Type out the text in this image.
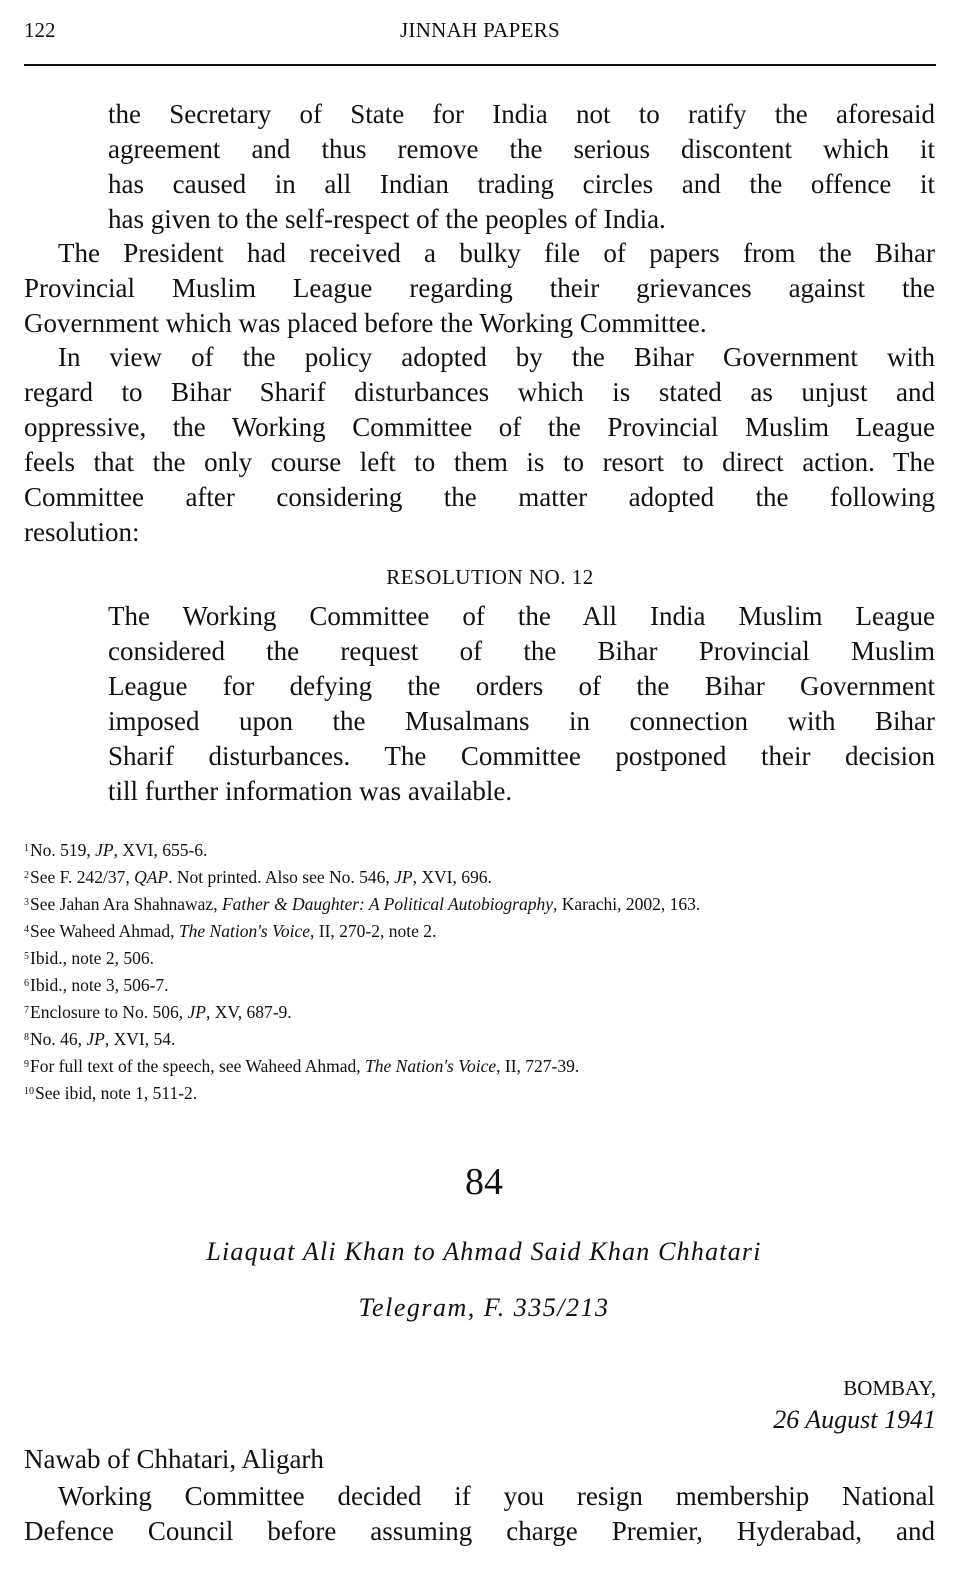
122	JINNAH PAPERS
the Secretary of State for India not to ratify the aforesaid
agreement and thus remove the serious discontent which it
has caused in all Indian trading circles and the offence it
has given to the self-respect of the peoples of India.
The President had received a bulky file of papers from the Bihar
Provincial Muslim League regarding their grievances against the
Government which was placed before the Working Committee.
In view of the policy adopted by the Bihar Government with
regard to Bihar Sharif disturbances which is stated as unjust and
oppressive, the Working Committee of the Provincial Muslim League
feels that the only course left to them is to resort to direct action. The
Committee after considering the matter adopted the following
resolution:
RESOLUTION NO. 12
The Working Committee of the All India Muslim League
considered the request of the Bihar Provincial Muslim
League for defying the orders of the Bihar Government
imposed upon the Musalmans in connection with Bihar
Sharif disturbances. The Committee postponed their decision
till further information was available.
$^1$No. 519, JP, XVI, 655-6.
$^2$See F. 242/37, QAP. Not printed. Also see No. 546, JP, XVI, 696.
$^3$See Jahan Ara Shahnawaz, Father & Daughter: A Political Autobiography, Karachi, 2002, 163.
$^4$See Waheed Ahmad, The Nation's Voice, II, 270-2, note 2.
$^5$Ibid., note 2, 506.
$^6$Ibid., note 3, 506-7.
$^7$Enclosure to No. 506, JP, XV, 687-9.
$^8$No. 46, JP, XVI, 54.
$^9$For full text of the speech, see Waheed Ahmad, The Nation's Voice, II, 727-39.
$^{10}$See ibid, note 1, 511-2.
84
Liaquat Ali Khan to Ahmad Said Khan Chhatari
Telegram, F. 335/213
BOMBAY,
26 August 1941
Nawab of Chhatari, Aligarh
Working Committee decided if you resign membership National
Defence Council before assuming charge Premier, Hyderabad, and
